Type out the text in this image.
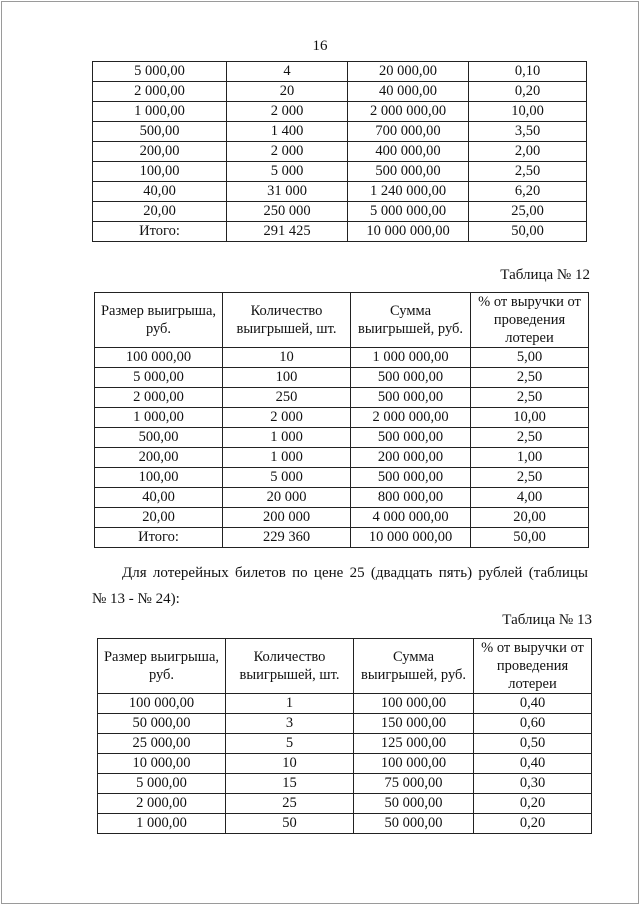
16
5 000,00	4	20 000,00	0,10
2 000,00	20	40 000,00	0,20
1 000,00	2 000	2 000 000,00	10,00
500,00	1 400	700 000,00	3,50
200,00	2 000	400 000,00	2,00
100,00	5 000	500 000,00	2,50
40,00	31 000	1 240 000,00	6,20
20,00	250 000	5 000 000,00	25,00
Итого:	291 425	10 000 000,00	50,00
Таблица № 12
Размер выигрыша, руб.	Количество выигрышей, шт.	Сумма выигрышей, руб.	% от выручки от проведения лотереи
100 000,00	10	1 000 000,00	5,00
5 000,00	100	500 000,00	2,50
2 000,00	250	500 000,00	2,50
1 000,00	2 000	2 000 000,00	10,00
500,00	1 000	500 000,00	2,50
200,00	1 000	200 000,00	1,00
100,00	5 000	500 000,00	2,50
40,00	20 000	800 000,00	4,00
20,00	200 000	4 000 000,00	20,00
Итого:	229 360	10 000 000,00	50,00
Для лотерейных билетов по цене 25 (двадцать пять) рублей (таблицы
№ 13 - № 24):
Таблица № 13
Размер выигрыша, руб.	Количество выигрышей, шт.	Сумма выигрышей, руб.	% от выручки от проведения лотереи
100 000,00	1	100 000,00	0,40
50 000,00	3	150 000,00	0,60
25 000,00	5	125 000,00	0,50
10 000,00	10	100 000,00	0,40
5 000,00	15	75 000,00	0,30
2 000,00	25	50 000,00	0,20
1 000,00	50	50 000,00	0,20
